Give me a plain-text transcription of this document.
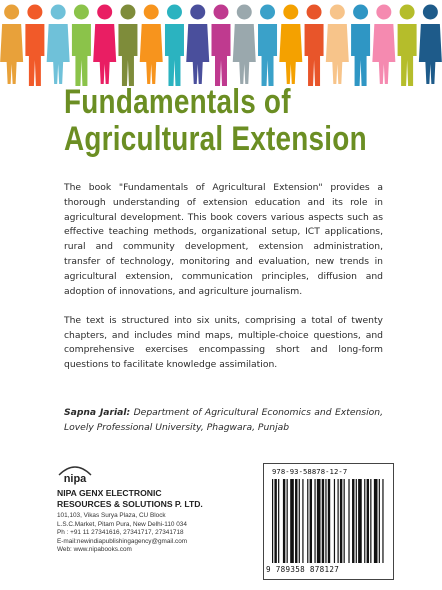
Fundamentals of
Agricultural Extension

The book "Fundamentals of Agricultural Extension" provides a thorough understanding of extension education and its role in agricultural development. This book covers various aspects such as effective teaching methods, organizational setup, ICT applications, rural and community development, extension administration, transfer of technology, monitoring and evaluation, new trends in agricultural extension, communication principles, diffusion and adoption of innovations, and agriculture journalism.

The text is structured into six units, comprising a total of twenty chapters, and includes mind maps, multiple-choice questions, and comprehensive exercises encompassing short and long-form questions to facilitate knowledge assimilation.

Sapna Jarial: Department of Agricultural Economics and Extension, Lovely Professional University, Phagwara, Punjab
nipa
NIPA GENX ELECTRONIC
RESOURCES & SOLUTIONS P. LTD.
101,103, Vikas Surya Plaza, CU Block
L.S.C.Market, Pitam Pura, New Delhi-110 034
Ph : +91 11 27341616, 27341717, 27341718
E-mail:newindiapublishingagency@gmail.com
Web: www.nipabooks.com
978-93-58878-12-7
9 789358 878127
